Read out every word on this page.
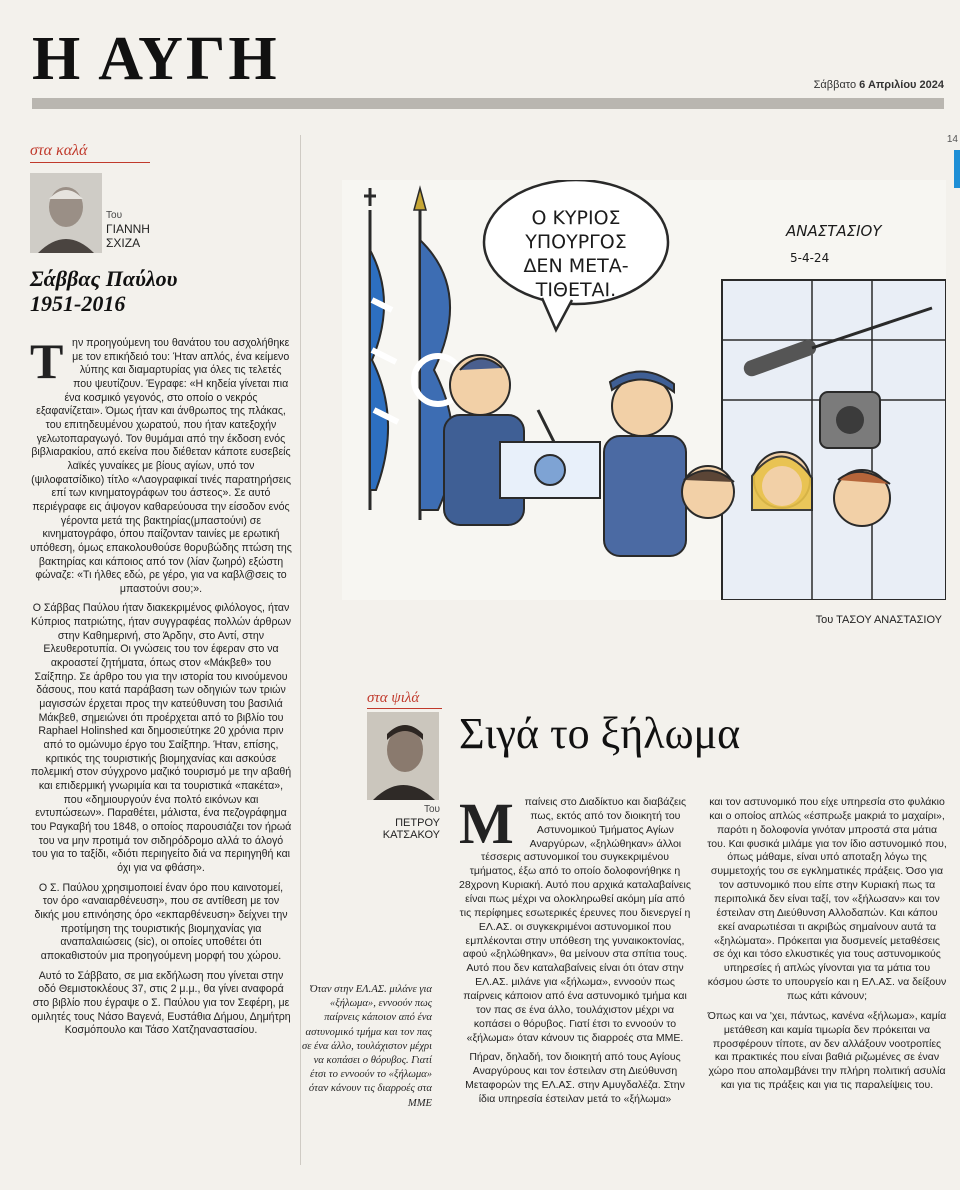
Η ΑΥΓΗ	Σάββατο 6 Απριλίου 2024
14
στα καλά
Του
ΓΙΑΝΝΗ
ΣΧΙΖΑ
Σάββας Παύλου
1951-2016

Την προηγούμενη του θανάτου του ασχολήθηκε με τον επικήδειό του: Ήταν απλός, ένα κείμενο λύπης και διαμαρτυρίας για όλες τις τελετές που ψευτίζουν. Έγραφε: «Η κηδεία γίνεται πια ένα κοσμικό γεγονός, στο οποίο ο νεκρός εξαφανίζεται». Όμως ήταν και άνθρωπος της πλάκας, του επιτηδευμένου χωρατού, που ήταν κατεξοχήν γελωτοπαραγωγό. Τον θυμάμαι από την έκδοση ενός βιβλιαρακίου, από εκείνα που διέθεταν κάποτε ευσεβείς λαϊκές γυναίκες με βίους αγίων, υπό τον (ψιλοφατσίδικο) τίτλο «Λαογραφικαί τινές παρατηρήσεις επί των κινηματογράφων του άστεος». Σε αυτό περιέγραφε εις άψογον καθαρεύουσα την είσοδον ενός γέροντα μετά της βακτηρίας(μπαστούνι) σε κινηματογράφο, όπου παίζονταν ταινίες με ερωτική υπόθεση, όμως επακολουθούσε θορυβώδης πτώση της βακτηρίας και κάποιος από τον (λίαν ζωηρό) εξώστη φώναζε: «Τι ήλθες εδώ, ρε γέρο, για να καβλ@σεις το μπαστούνι σου;».

Ο Σάββας Παύλου ήταν διακεκριμένος φιλόλογος, ήταν Κύπριος πατριώτης, ήταν συγγραφέας πολλών άρθρων στην Καθημερινή, στο Άρδην, στο Αντί, στην Ελευθεροτυπία. Οι γνώσεις του τον έφεραν στο να ακροαστεί ζητήματα, όπως στον «Μάκβεθ» του Σαίξπηρ. Σε άρθρο του για την ιστορία του κινούμενου δάσους, που κατά παράβαση των οδηγιών των τριών μαγισσών έρχεται προς την κατεύθυνση του βασιλιά Μάκβεθ, σημειώνει ότι προέρχεται από το βιβλίο του Raphael Holinshed και δημοσιεύτηκε 20 χρόνια πριν από το ομώνυμο έργο του Σαίξπηρ. Ήταν, επίσης, κριτικός της τουριστικής βιομηχανίας και ασκούσε πολεμική στον σύγχρονο μαζικό τουρισμό με την αβαθή και επιδερμική γνωριμία και τα τουριστικά «πακέτα», που «δημιουργούν ένα πολτό εικόνων και εντυπώσεων». Παραθέτει, μάλιστα, ένα πεζογράφημα του Ραγκαβή του 1848, ο οποίος παρουσιάζει τον ήρωά του να μην προτιμά τον σιδηρόδρομο αλλά το άλογό του για το ταξίδι, «διότι περιηγείτο διά να περιηγηθή και όχι για να φθάση».

Ο Σ. Παύλου χρησιμοποιεί έναν όρο που καινοτομεί, τον όρο «αναιαρθένευση», που σε αντίθεση με τον δικής μου επινόησης όρο «εκπαρθένευση» δείχνει την προτίμηση της τουριστικής βιομηχανίας για αναπαλαιώσεις (sic), οι οποίες υποθέτει ότι αποκαθιστούν μια προηγούμενη μορφή του χώρου.

Αυτό το Σάββατο, σε μια εκδήλωση που γίνεται στην οδό Θεμιστοκλέους 37, στις 2 μ.μ., θα γίνει αναφορά στο βιβλίο που έγραψε ο Σ. Παύλου για τον Σεφέρη, με ομιλητές τους Νάσο Βαγενά, Ευστάθια Δήμου, Δημήτρη Κοσμόπουλο και Τάσο Χατζηαναστασίου.

Ο ΚΥΡΙΟΣ
ΥΠΟΥΡΓΟΣ
ΔΕΝ ΜΕΤΑ-
ΤΙΘΕΤΑΙ.
ΑΝΑΣΤΑΣΙΟΥ
5-4-24
Του ΤΑΣΟΥ ΑΝΑΣΤΑΣΙΟΥ
στα ψιλά
Του
ΠΕΤΡΟΥ
ΚΑΤΣΑΚΟΥ
Σιγά το ξήλωμα
Όταν στην ΕΛ.ΑΣ. μιλάνε για «ξήλωμα», εννοούν πως παίρνεις κάποιον από ένα αστυνομικό τμήμα και τον πας σε ένα άλλο, τουλάχιστον μέχρι να κοπάσει ο θόρυβος. Γιατί έτσι το εννοούν το «ξήλωμα» όταν κάνουν τις διαρροές στα ΜΜΕ

Μ παίνεις στο Διαδίκτυο και διαβάζεις πως, εκτός από τον διοικητή του Αστυνομικού Τμήματος Αγίων Αναργύρων, «ξηλώθηκαν» άλλοι τέσσερις αστυνομικοί του συγκεκριμένου τμήματος, έξω από το οποίο δολοφονήθηκε η 28χρονη Κυριακή. Αυτό που αρχικά καταλαβαίνεις είναι πως μέχρι να ολοκληρωθεί ακόμη μία από τις περίφημες εσωτερικές έρευνες που διενεργεί η ΕΛ.ΑΣ. οι συγκεκριμένοι αστυνομικοί που εμπλέκονται στην υπόθεση της γυναικοκτονίας, αφού «ξηλώθηκαν», θα μείνουν στα σπίτια τους. Αυτό που δεν καταλαβαίνεις είναι ότι όταν στην ΕΛ.ΑΣ. μιλάνε για «ξήλωμα», εννοούν πως παίρνεις κάποιον από ένα αστυνομικό τμήμα και τον πας σε ένα άλλο, τουλάχιστον μέχρι να κοπάσει ο θόρυβος. Γιατί έτσι το εννοούν το «ξήλωμα» όταν κάνουν τις διαρροές στα ΜΜΕ.

Πήραν, δηλαδή, τον διοικητή από τους Αγίους Αναργύρους και τον έστειλαν στη Διεύθυνση Μεταφορών της ΕΛ.ΑΣ. στην Αμυγδαλέζα. Στην ίδια υπηρεσία έστειλαν μετά το «ξήλωμα»

και τον αστυνομικό που είχε υπηρεσία στο φυλάκιο και ο οποίος απλώς «έσπρωξε μακριά το μαχαίρι», παρότι η δολοφονία γινόταν μπροστά στα μάτια του. Και φυσικά μιλάμε για τον ίδιο αστυνομικό που, όπως μάθαμε, είναι υπό αποταξη λόγω της συμμετοχής του σε εγκληματικές πράξεις. Όσο για τον αστυνομικό που είπε στην Κυριακή πως τα περιπολικά δεν είναι ταξί, τον «ξήλωσαν» και τον έστειλαν στη Διεύθυνση Αλλοδαπών. Και κάπου εκεί αναρωτιέσαι τι ακριβώς σημαίνουν αυτά τα «ξηλώματα». Πρόκειται για δυσμενείς μεταθέσεις σε όχι και τόσο ελκυστικές για τους αστυνομικούς υπηρεσίες ή απλώς γίνονται για τα μάτια του κόσμου ώστε το υπουργείο και η ΕΛ.ΑΣ. να δείξουν πως κάτι κάνουν;

Όπως και να 'χει, πάντως, κανένα «ξήλωμα», καμία μετάθεση και καμία τιμωρία δεν πρόκειται να προσφέρουν τίποτε, αν δεν αλλάξουν νοοτροπίες και πρακτικές που είναι βαθιά ριζωμένες σε έναν χώρο που απολαμβάνει την πλήρη πολιτική ασυλία και για τις πράξεις και για τις παραλείψεις του.
